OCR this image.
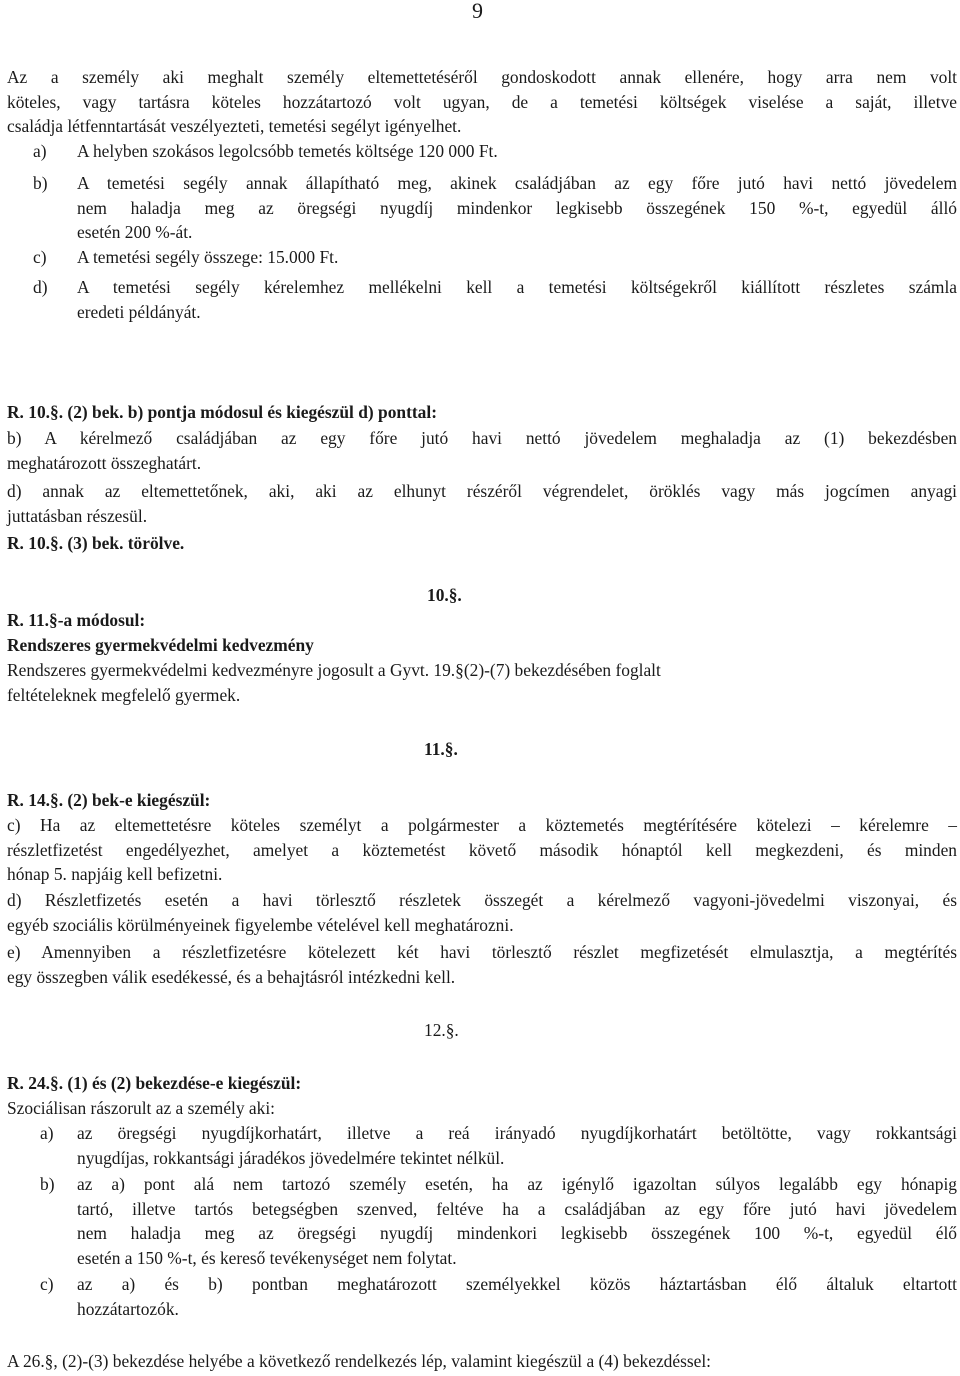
9
Az a személy aki meghalt személy eltemettetéséről gondoskodott annak ellenére, hogy arra nem volt
köteles, vagy tartásra köteles hozzátartozó volt ugyan, de a temetési költségek viselése a saját, illetve
családja létfenntartását veszélyezteti, temetési segélyt igényelhet.
a) A helyben szokásos legolcsóbb temetés költsége 120 000 Ft.
b) A temetési segély annak állapítható meg, akinek családjában az egy főre jutó havi nettó jövedelem
nem haladja meg az öregségi nyugdíj mindenkor legkisebb összegének 150 %-t, egyedül álló
esetén 200 %-át.
c) A temetési segély összege: 15.000 Ft.
d) A temetési segély kérelemhez mellékelni kell a temetési költségekről kiállított részletes számla
eredeti példányát.
R. 10.§. (2) bek. b) pontja módosul és kiegészül d) ponttal:
b) A kérelmező családjában az egy főre jutó havi nettó jövedelem meghaladja az (1) bekezdésben
meghatározott összeghatárt.
d) annak az eltemettetőnek, aki, aki az elhunyt részéről végrendelet, öröklés vagy más jogcímen anyagi
juttatásban részesül.
R. 10.§. (3) bek. törölve.
10.§.
R. 11.§-a módosul:
Rendszeres gyermekvédelmi kedvezmény
Rendszeres gyermekvédelmi kedvezményre jogosult a Gyvt. 19.§(2)-(7) bekezdésében foglalt
feltételeknek megfelelő gyermek.
11.§.
R. 14.§. (2) bek-e kiegészül:
c) Ha az eltemettetésre köteles személyt a polgármester a köztemetés megtérítésére kötelezi – kérelemre –
részletfizetést engedélyezhet, amelyet a köztemetést követő második hónaptól kell megkezdeni, és minden
hónap 5. napjáig kell befizetni.
d) Részletfizetés esetén a havi törlesztő részletek összegét a kérelmező vagyoni-jövedelmi viszonyai, és
egyéb szociális körülményeinek figyelembe vételével kell meghatározni.
e) Amennyiben a részletfizetésre kötelezett két havi törlesztő részlet megfizetését elmulasztja, a megtérítés
egy összegben válik esedékessé, és a behajtásról intézkedni kell.
12.§.
R. 24.§. (1) és (2) bekezdése-e kiegészül:
Szociálisan rászorult az a személy aki:
a) az öregségi nyugdíjkorhatárt, illetve a reá irányadó nyugdíjkorhatárt betöltötte, vagy rokkantsági
nyugdíjas, rokkantsági járadékos jövedelmére tekintet nélkül.
b) az a) pont alá nem tartozó személy esetén, ha az igénylő igazoltan súlyos legalább egy hónapig
tartó, illetve tartós betegségben szenved, feltéve ha a családjában az egy főre jutó havi jövedelem
nem haladja meg az öregségi nyugdíj mindenkori legkisebb összegének 100 %-t, egyedül élő
esetén a 150 %-t, és kereső tevékenységet nem folytat.
c) az a) és b) pontban meghatározott személyekkel közös háztartásban élő általuk eltartott
hozzátartozók.
A 26.§, (2)-(3) bekezdése helyébe a következő rendelkezés lép, valamint kiegészül a (4) bekezdéssel:
